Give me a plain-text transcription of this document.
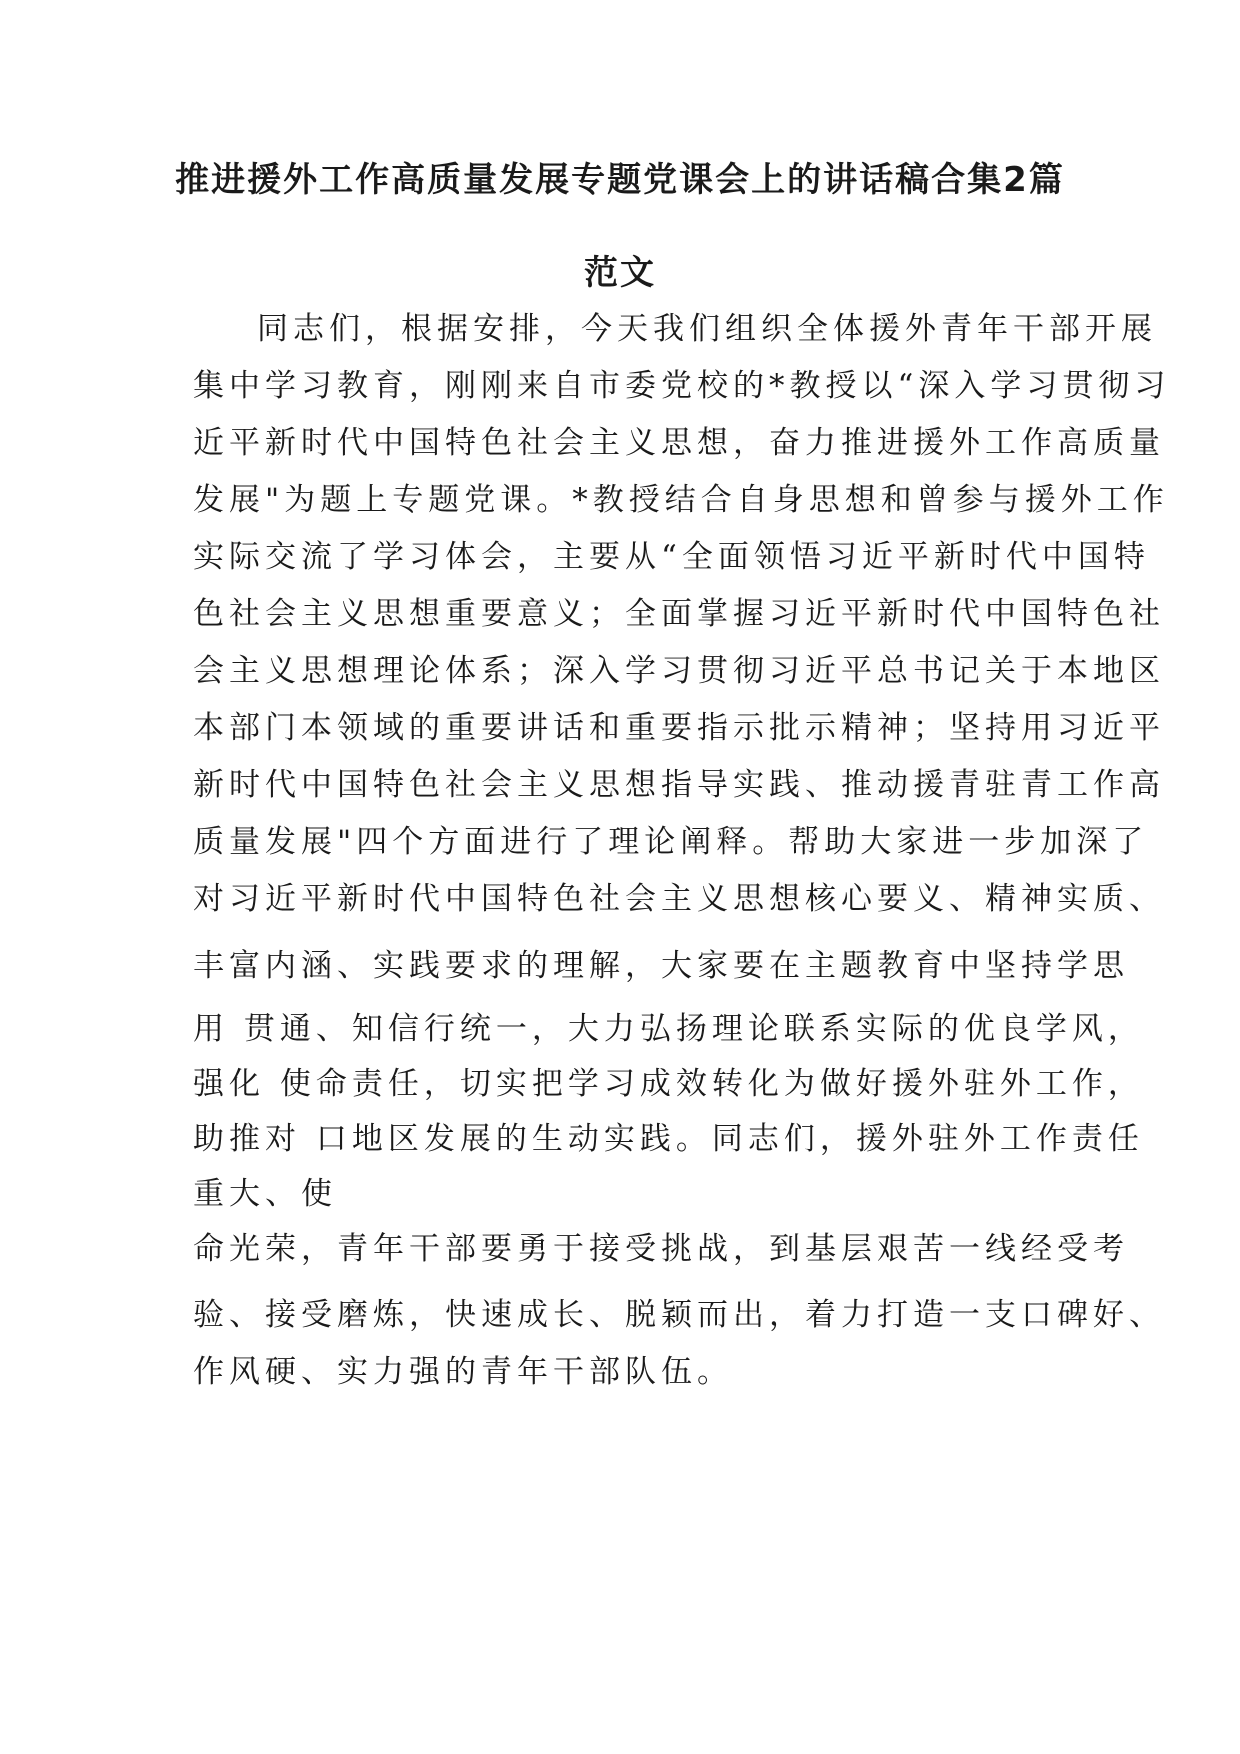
推进援外工作高质量发展专题党课会上的讲话稿合集2篇
范文
同志们，根据安排，今天我们组织全体援外青年干部开展
集中学习教育，刚刚来自市委党校的*教授以“深入学习贯彻习
近平新时代中国特色社会主义思想，奋力推进援外工作高质量
发展"为题上专题党课。*教授结合自身思想和曾参与援外工作
实际交流了学习体会，主要从“全面领悟习近平新时代中国特
色社会主义思想重要意义；全面掌握习近平新时代中国特色社
会主义思想理论体系；深入学习贯彻习近平总书记关于本地区
本部门本领域的重要讲话和重要指示批示精神；坚持用习近平
新时代中国特色社会主义思想指导实践、推动援青驻青工作高
质量发展"四个方面进行了理论阐释。帮助大家进一步加深了
对习近平新时代中国特色社会主义思想核心要义、精神实质、
丰富内涵、实践要求的理解，大家要在主题教育中坚持学思
用 贯通、知信行统一，大力弘扬理论联系实际的优良学风，
强化 使命责任，切实把学习成效转化为做好援外驻外工作，
助推对 口地区发展的生动实践。同志们，援外驻外工作责任
重大、使
命光荣，青年干部要勇于接受挑战，到基层艰苦一线经受考
验、接受磨炼，快速成长、脱颖而出，着力打造一支口碑好、
作风硬、实力强的青年干部队伍。
